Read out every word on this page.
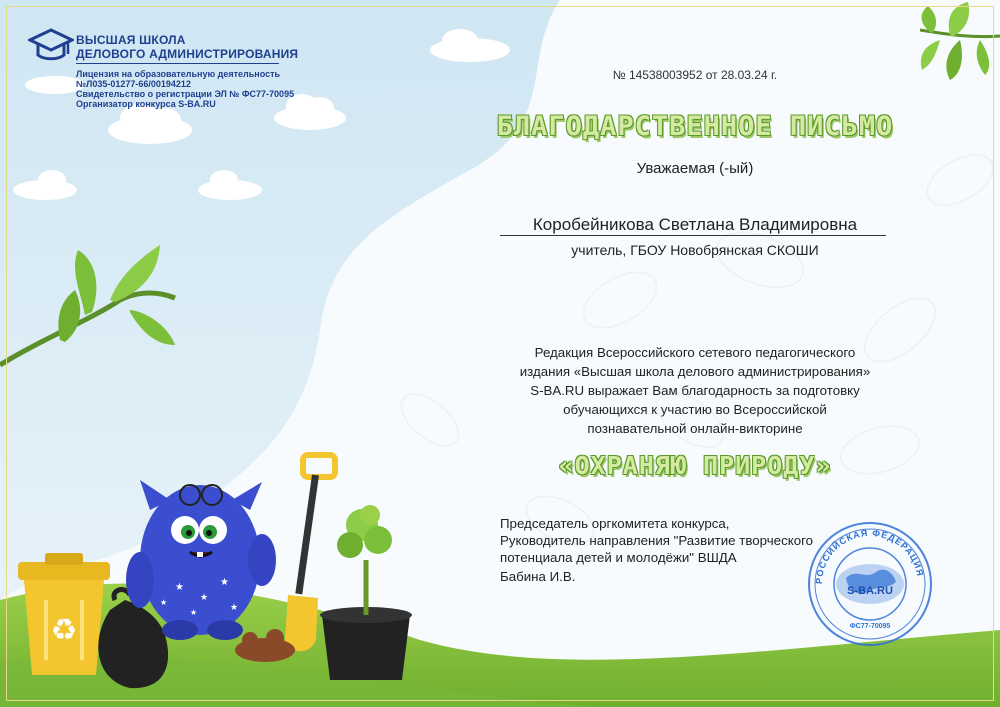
♻
★
★
★
★
★	★
ВЫСШАЯ ШКОЛА
ДЕЛОВОГО АДМИНИСТРИРОВАНИЯ
Лицензия на образовательную деятельность
№Л035-01277-66/00194212
Свидетельство о регистрации ЭЛ № ФС77-70095
Организатор конкурса S-BA.RU
№ 14538003952 от 28.03.24 г.
БЛАГОДАРСТВЕННОЕ ПИСЬМО
Уважаемая (-ый)
Коробейникова Светлана Владимировна
учитель, ГБОУ Новобрянская СКОШИ
Редакция Всероссийского сетевого педагогического
издания «Высшая школа делового администрирования»
S-BA.RU выражает Вам благодарность за подготовку
обучающихся к участию во Всероссийской
познавательной онлайн-викторине
«ОХРАНЯЮ ПРИРОДУ»
Председатель оргкомитета конкурса,
Руководитель направления "Развитие творческого
потенциала детей и молодёжи" ВШДА
Бабина И.В.	РОССИЙСКАЯ ФЕДЕРАЦИЯ
S-BA.RU
ФС77-70095
